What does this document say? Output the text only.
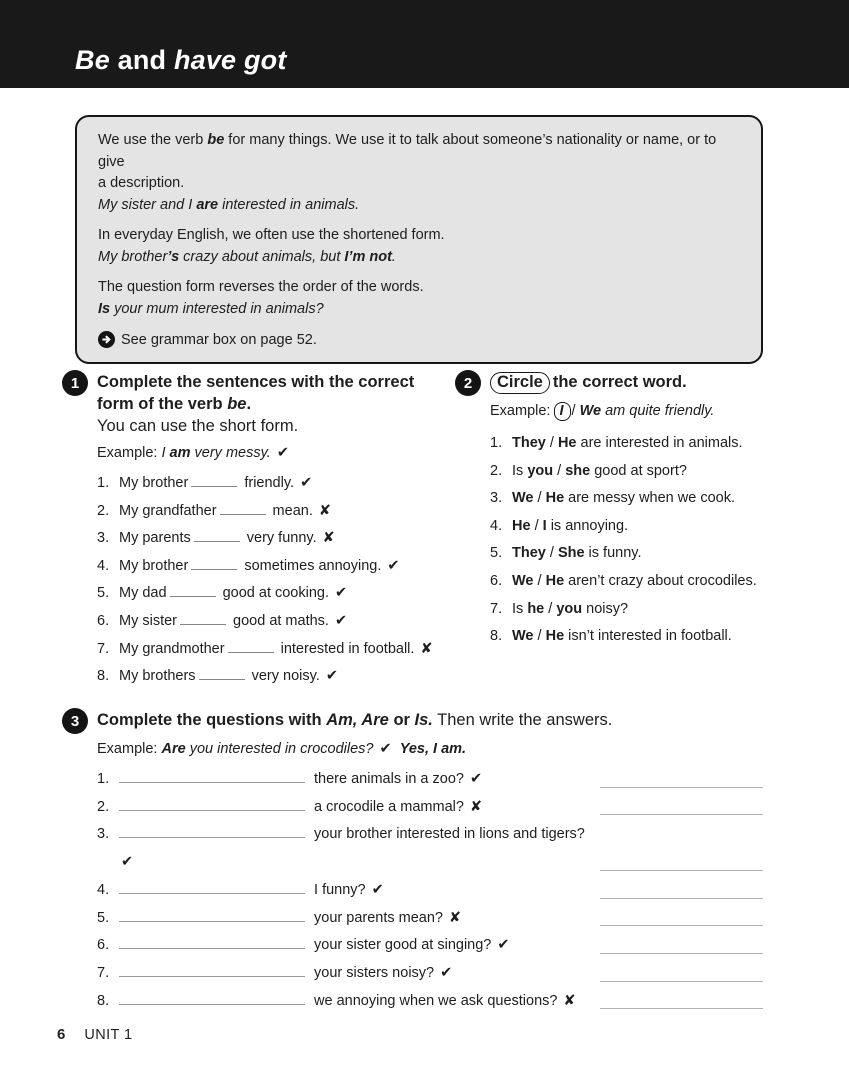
Be and have got

We use the verb be for many things. We use it to talk about someone’s nationality or name, or to give
a description.

My sister and I are interested in animals.

In everyday English, we often use the shortened form.

My brother’s crazy about animals, but I’m not.

The question form reverses the order of the words.

Is your mum interested in animals?

See grammar box on page 52.
1	Complete the sentences with the correct
form of the verb be.
You can use the short form.
Example: I am very messy. ✔
1. My brother	friendly. ✔
2. My grandfather	mean. ✘
3. My parents	very funny. ✘
4. My brother	sometimes annoying. ✔
5. My dad	good at cooking. ✔
6. My sister	good at maths. ✔
7. My grandmother	interested in football. ✘
8. My brothers	very noisy. ✔
2	Circle the correct word.
Example: I / We am quite friendly.
1. They / He are interested in animals.
2. Is you / she good at sport?
3. We / He are messy when we cook.
4. He / I is annoying.
5. They / She is funny.
6. We / He aren’t crazy about crocodiles.
7. Is he / you noisy?
8. We / He isn’t interested in football.
3	Complete the questions with Am, Are or Is. Then write the answers.
Example: Are you interested in crocodiles? ✔ Yes, I am.
1.	there animals in a zoo? ✔
2.	a crocodile a mammal? ✘
3.	your brother interested in lions and tigers? ✔
4.	I funny? ✔
5.	your parents mean? ✘
6.	your sister good at singing? ✔
7.	your sisters noisy? ✔
8.	we annoying when we ask questions? ✘
6 UNIT 1
